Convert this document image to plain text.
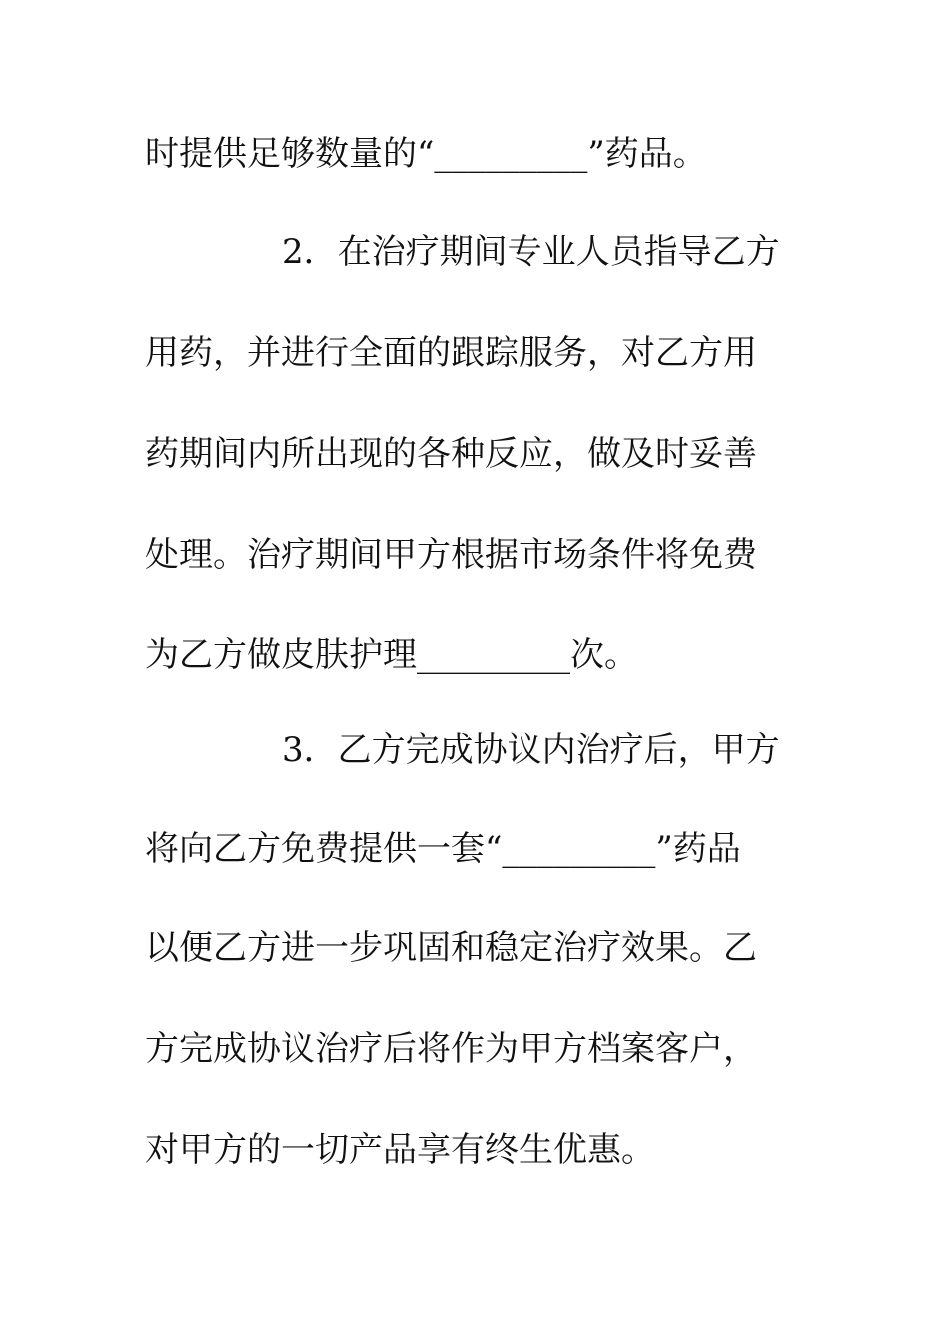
时提供足够数量的“_________”药品。
2．在治疗期间专业人员指导乙方
用药，并进行全面的跟踪服务，对乙方用
药期间内所出现的各种反应，做及时妥善
处理。治疗期间甲方根据市场条件将免费
为乙方做皮肤护理_________次。
3．乙方完成协议内治疗后，甲方
将向乙方免费提供一套“_________”药品
以便乙方进一步巩固和稳定治疗效果。乙
方完成协议治疗后将作为甲方档案客户，
对甲方的一切产品享有终生优惠。
